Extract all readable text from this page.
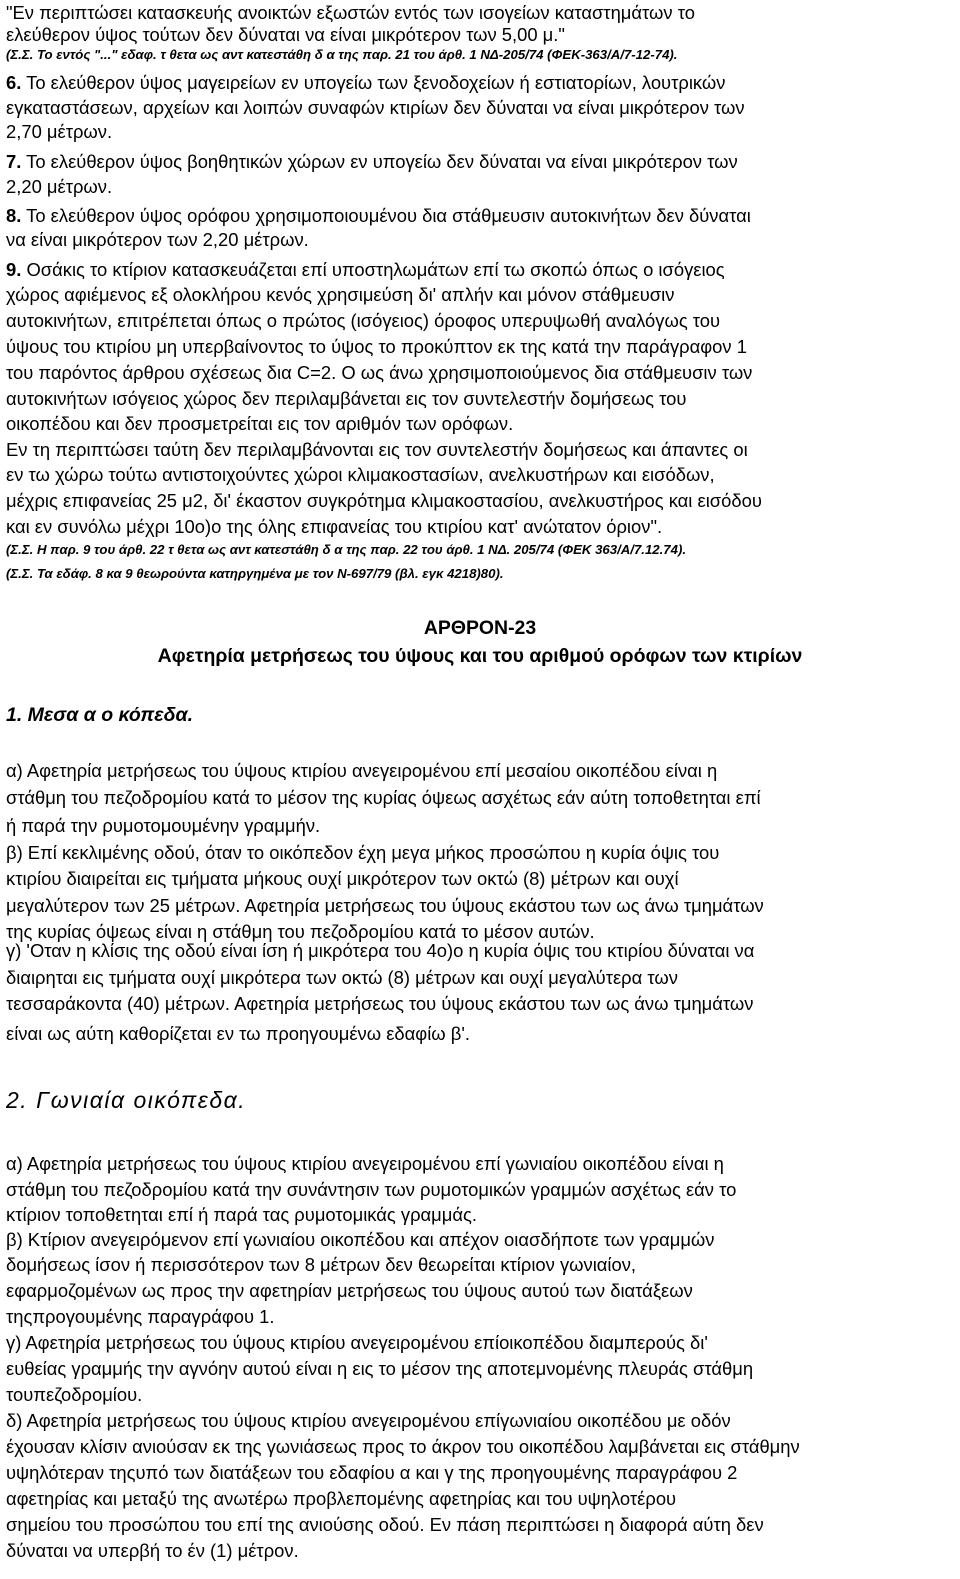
"Εν περιπτώσει κατασκευής ανοικτών εξωστών εντός των ισογείων καταστημάτων το
ελεύθερον ύψος τούτων δεν δύναται να είναι μικρότερον των 5,00 μ."
(Σ.Σ. Το εντός "..." εδαφ. τ θετα ως αντ κατεστάθη δ α της παρ. 21 του άρθ. 1 ΝΔ-205/74 (ΦΕΚ-363/Α/7-12-74).
6. Το ελεύθερον ύψος μαγειρείων εν υπογείω των ξενοδοχείων ή εστιατορίων, λουτρικών
εγκαταστάσεων, αρχείων και λοιπών συναφών κτιρίων δεν δύναται να είναι μικρότερον των
2,70 μέτρων.
7. Το ελεύθερον ύψος βοηθητικών χώρων εν υπογείω δεν δύναται να είναι μικρότερον των
2,20 μέτρων.
8. Το ελεύθερον ύψος ορόφου χρησιμοποιουμένου δια στάθμευσιν αυτοκινήτων δεν δύναται
να είναι μικρότερον των 2,20 μέτρων.
9. Οσάκις το κτίριον κατασκευάζεται επί υποστηλωμάτων επί τω σκοπώ όπως ο ισόγειος
χώρος αφιέμενος εξ ολοκλήρου κενός χρησιμεύση δι' απλήν και μόνον στάθμευσιν
αυτοκινήτων, επιτρέπεται όπως ο πρώτος (ισόγειος) όροφος υπερυψωθή αναλόγως του
ύψους του κτιρίου μη υπερβαίνοντος το ύψος το προκύπτον εκ της κατά την παράγραφον 1
του παρόντος άρθρου σχέσεως δια C=2. Ο ως άνω χρησιμοποιούμενος δια στάθμευσιν των
αυτοκινήτων ισόγειος χώρος δεν περιλαμβάνεται εις τον συντελεστήν δομήσεως του
οικοπέδου και δεν προσμετρείται εις τον αριθμόν των ορόφων.
Εν τη περιπτώσει ταύτη δεν περιλαμβάνονται εις τον συντελεστήν δομήσεως και άπαντες οι
εν τω χώρω τούτω αντιστοιχούντες χώροι κλιμακοστασίων, ανελκυστήρων και εισόδων,
μέχρις επιφανείας 25 μ2, δι' έκαστον συγκρότημα κλιμακοστασίου, ανελκυστήρος και εισόδου
και εν συνόλω μέχρι 10ο)ο της όλης επιφανείας του κτιρίου κατ' ανώτατον όριον".
(Σ.Σ. Η παρ. 9 του άρθ. 22 τ θετα ως αντ κατεστάθη δ α της παρ. 22 του άρθ. 1 ΝΔ. 205/74 (ΦΕΚ 363/Α/7.12.74).
(Σ.Σ. Τα εδάφ. 8 κα 9 θεωρούντα κατηργημένα με τον Ν-697/79 (βλ. εγκ 4218)80).
ΑΡΘΡΟΝ-23
Αφετηρία μετρήσεως του ύψους και του αριθμού ορόφων των κτιρίων
1. Μεσα α ο κόπεδα.
α) Αφετηρία μετρήσεως του ύψους κτιρίου ανεγειρομένου επί μεσαίου οικοπέδου είναι η
στάθμη του πεζοδρομίου κατά το μέσον της κυρίας όψεως ασχέτως εάν αύτη τοποθετηται επί
ή παρά την ρυμοτομουμένην γραμμήν.
β) Επί κεκλιμένης οδού, όταν το οικόπεδον έχη μεγα μήκος προσώπου η κυρία όψις του
κτιρίου διαιρείται εις τμήματα μήκους ουχί μικρότερον των οκτώ (8) μέτρων και ουχί
μεγαλύτερον των 25 μέτρων. Αφετηρία μετρήσεως του ύψους εκάστου των ως άνω τμημάτων
της κυρίας όψεως είναι η στάθμη του πεζοδρομίου κατά το μέσον αυτών.
γ) 'Οταν η κλίσις της οδού είναι ίση ή μικρότερα του 4ο)ο η κυρία όψις του κτιρίου δύναται να
διαιρηται εις τμήματα ουχί μικρότερα των οκτώ (8) μέτρων και ουχί μεγαλύτερα των
τεσσαράκοντα (40) μέτρων. Αφετηρία μετρήσεως του ύψους εκάστου των ως άνω τμημάτων
είναι ως αύτη καθορίζεται εν τω προηγουμένω εδαφίω β'.
2. Γωνιαία οικόπεδα.
α) Αφετηρία μετρήσεως του ύψους κτιρίου ανεγειρομένου επί γωνιαίου οικοπέδου είναι η
στάθμη του πεζοδρομίου κατά την συνάντησιν των ρυμοτομικών γραμμών ασχέτως εάν το
κτίριον τοποθετηται επί ή παρά τας ρυμοτομικάς γραμμάς.
β) Κτίριον ανεγειρόμενον επί γωνιαίου οικοπέδου και απέχον οιασδήποτε των γραμμών
δομήσεως ίσον ή περισσότερον των 8 μέτρων δεν θεωρείται κτίριον γωνιαίον,
εφαρμοζομένων ως προς την αφετηρίαν μετρήσεως του ύψους αυτού των διατάξεων
τηςπρογουμένης παραγράφου 1.
γ) Αφετηρία μετρήσεως του ύψους κτιρίου ανεγειρομένου επίοικοπέδου διαμπερούς δι'
ευθείας γραμμής την αγνόην αυτού είναι η εις το μέσον της αποτεμνομένης πλευράς στάθμη
τουπεζοδρομίου.
δ) Αφετηρία μετρήσεως του ύψους κτιρίου ανεγειρομένου επίγωνιαίου οικοπέδου με οδόν
έχουσαν κλίσιν ανιούσαν εκ της γωνιάσεως προς το άκρον του οικοπέδου λαμβάνεται εις στάθμην
υψηλότεραν τηςυπό των διατάξεων του εδαφίου α και γ της προηγουμένης παραγράφου 2
αφετηρίας και μεταξύ της ανωτέρω προβλεπομένης αφετηρίας και του υψηλοτέρου
σημείου του προσώπου του επί της ανιούσης οδού. Εν πάση περιπτώσει η διαφορά αύτη δεν
δύναται να υπερβή το έν (1) μέτρον.
